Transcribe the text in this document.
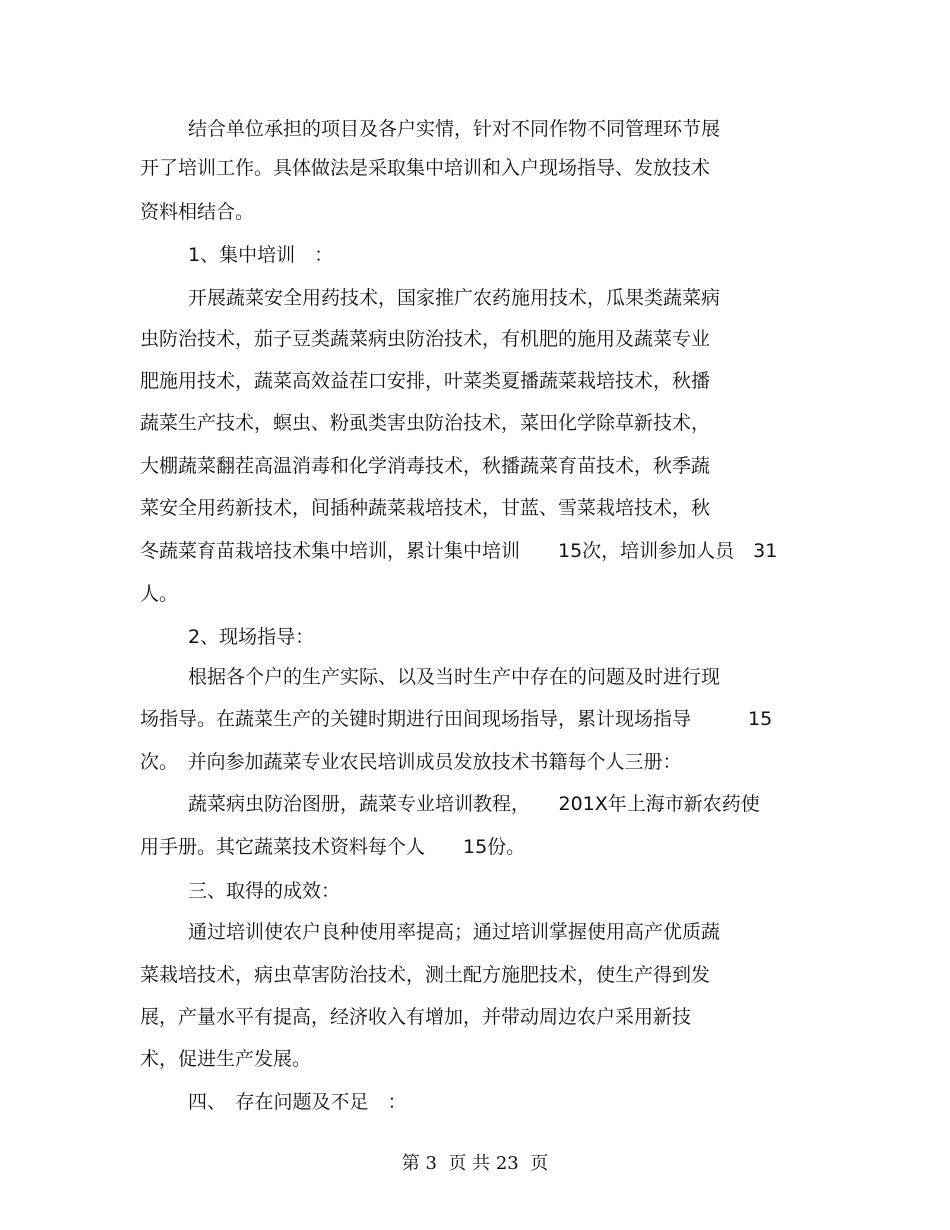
结合单位承担的项目及各户实情，针对不同作物不同管理环节展
开了培训工作。具体做法是采取集中培训和入户现场指导、发放技术
资料相结合。
1、集中培训　：
开展蔬菜安全用药技术，国家推广农药施用技术，瓜果类蔬菜病
虫防治技术，茄子豆类蔬菜病虫防治技术，有机肥的施用及蔬菜专业
肥施用技术，蔬菜高效益茬口安排，叶菜类夏播蔬菜栽培技术，秋播
蔬菜生产技术，螟虫、粉虱类害虫防治技术，菜田化学除草新技术，
大棚蔬菜翻茬高温消毒和化学消毒技术，秋播蔬菜育苗技术，秋季蔬
菜安全用药新技术，间插种蔬菜栽培技术，甘蓝、雪菜栽培技术，秋
冬蔬菜育苗栽培技术集中培训，累计集中培训　　15次，培训参加人员　31
人。
2、现场指导：
根据各个户的生产实际、以及当时生产中存在的问题及时进行现
场指导。在蔬菜生产的关键时期进行田间现场指导，累计现场指导　　　15
次。　并向参加蔬菜专业农民培训成员发放技术书籍每个人三册：
蔬菜病虫防治图册，蔬菜专业培训教程，　　201X年上海市新农药使
用手册。其它蔬菜技术资料每个人　　15份。
三、取得的成效：
通过培训使农户良种使用率提高；通过培训掌握使用高产优质蔬
菜栽培技术，病虫草害防治技术，测土配方施肥技术，使生产得到发
展，产量水平有提高，经济收入有增加，并带动周边农户采用新技
术，促进生产发展。
四、　存在问题及不足　：
第 3  页 共 23  页
